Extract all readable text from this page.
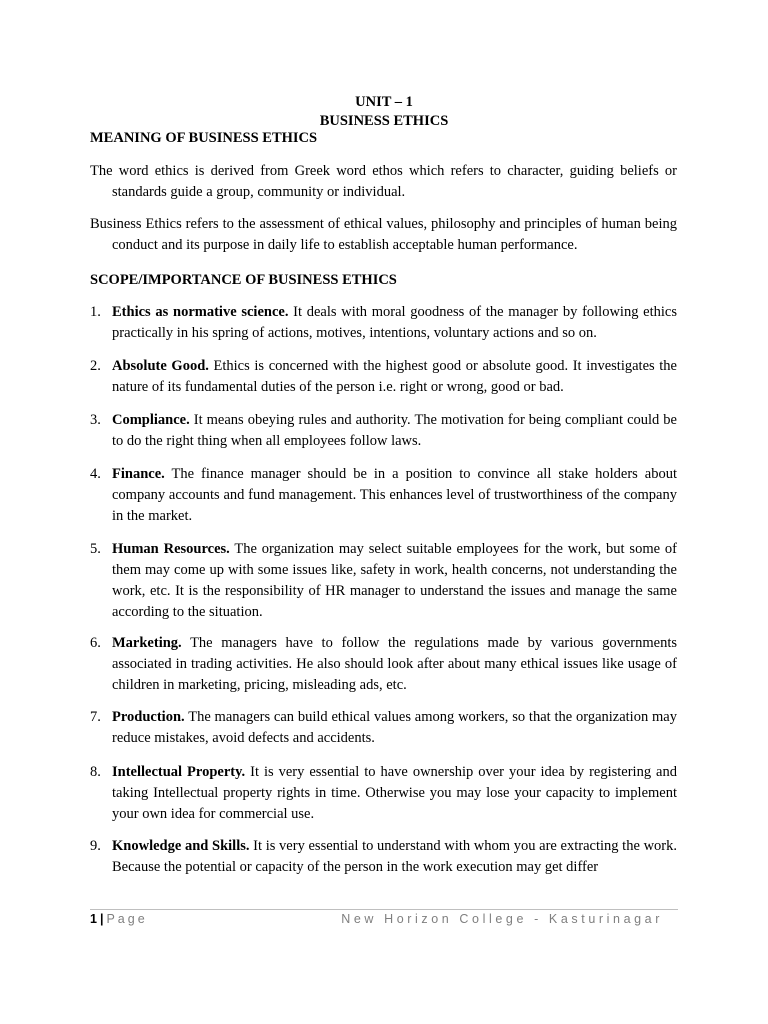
UNIT – 1
BUSINESS ETHICS
MEANING OF BUSINESS ETHICS
The word ethics is derived from Greek word ethos which refers to character, guiding beliefs or standards guide a group, community or individual.
Business Ethics refers to the assessment of ethical values, philosophy and principles of human being conduct and its purpose in daily life to establish acceptable human performance.
SCOPE/IMPORTANCE OF BUSINESS ETHICS
1. Ethics as normative science. It deals with moral goodness of the manager by following ethics practically in his spring of actions, motives, intentions, voluntary actions and so on.
2. Absolute Good. Ethics is concerned with the highest good or absolute good. It investigates the nature of its fundamental duties of the person i.e. right or wrong, good or bad.
3. Compliance. It means obeying rules and authority. The motivation for being compliant could be to do the right thing when all employees follow laws.
4. Finance. The finance manager should be in a position to convince all stake holders about company accounts and fund management. This enhances level of trustworthiness of the company in the market.
5. Human Resources. The organization may select suitable employees for the work, but some of them may come up with some issues like, safety in work, health concerns, not understanding the work, etc. It is the responsibility of HR manager to understand the issues and manage the same according to the situation.
6. Marketing. The managers have to follow the regulations made by various governments associated in trading activities. He also should look after about many ethical issues like usage of children in marketing, pricing, misleading ads, etc.
7. Production. The managers can build ethical values among workers, so that the organization may reduce mistakes, avoid defects and accidents.
8. Intellectual Property. It is very essential to have ownership over your idea by registering and taking Intellectual property rights in time. Otherwise you may lose your capacity to implement your own idea for commercial use.
9. Knowledge and Skills. It is very essential to understand with whom you are extracting the work. Because the potential or capacity of the person in the work execution may get differ
1 | Page	New Horizon College - Kasturinagar
